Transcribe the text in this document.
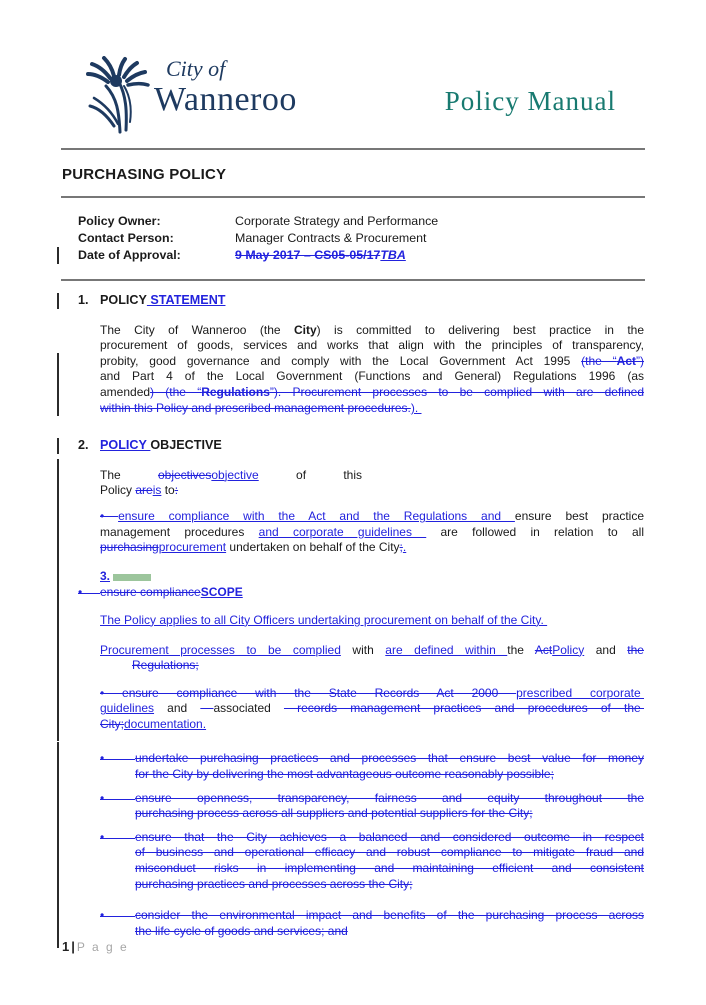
City of
Wanneroo	Policy Manual
PURCHASING POLICY
Policy Owner:	Corporate Strategy and Performance
Contact Person:	Manager Contracts & Procurement
Date of Approval:	9 May 2017 – CS05-05/17TBA
1. POLICY STATEMENT
The City of Wanneroo (the City) is committed to delivering best practice in the
procurement of goods, services and works that align with the principles of transparency,
probity, good governance and comply with the Local Government Act 1995 (the “Act”)
and Part 4 of the Local Government (Functions and General) Regulations 1996 (as
amended) (the “Regulations”). Procurement processes to be complied with are defined
within this Policy and prescribed management procedures.).
2. POLICY OBJECTIVE
The objectivesobjective of this
Policy areis to:
• ensure compliance with the Act and the Regulations and ensure best practice
management procedures and corporate guidelines  are followed in relation to all
purchasingprocurement undertaken on behalf of the City;.
3.
• ensure complianceSCOPE
The Policy applies to all City Officers undertaking procurement on behalf of the City.
Procurement processes to be complied with are defined within the ActPolicy and the
Regulations;
• ensure compliance with the State Records Act 2000 prescribed corporate
guidelines and  associated  records management practices and procedures of the
City;documentation.
•	undertake purchasing practices and processes that ensure best value for money
for the City by delivering the most advantageous outcome reasonably possible;
•	ensure openness, transparency, fairness and equity throughout the
purchasing process across all suppliers and potential suppliers for the City;
•	ensure that the City achieves a balanced and considered outcome in respect
of business and operational efficacy and robust compliance to mitigate fraud and
misconduct risks in implementing and maintaining efficient and consistent
purchasing practices and processes across the City;
•	consider the environmental impact and benefits of the purchasing process across
the life cycle of goods and services; and
1 | P a g e
